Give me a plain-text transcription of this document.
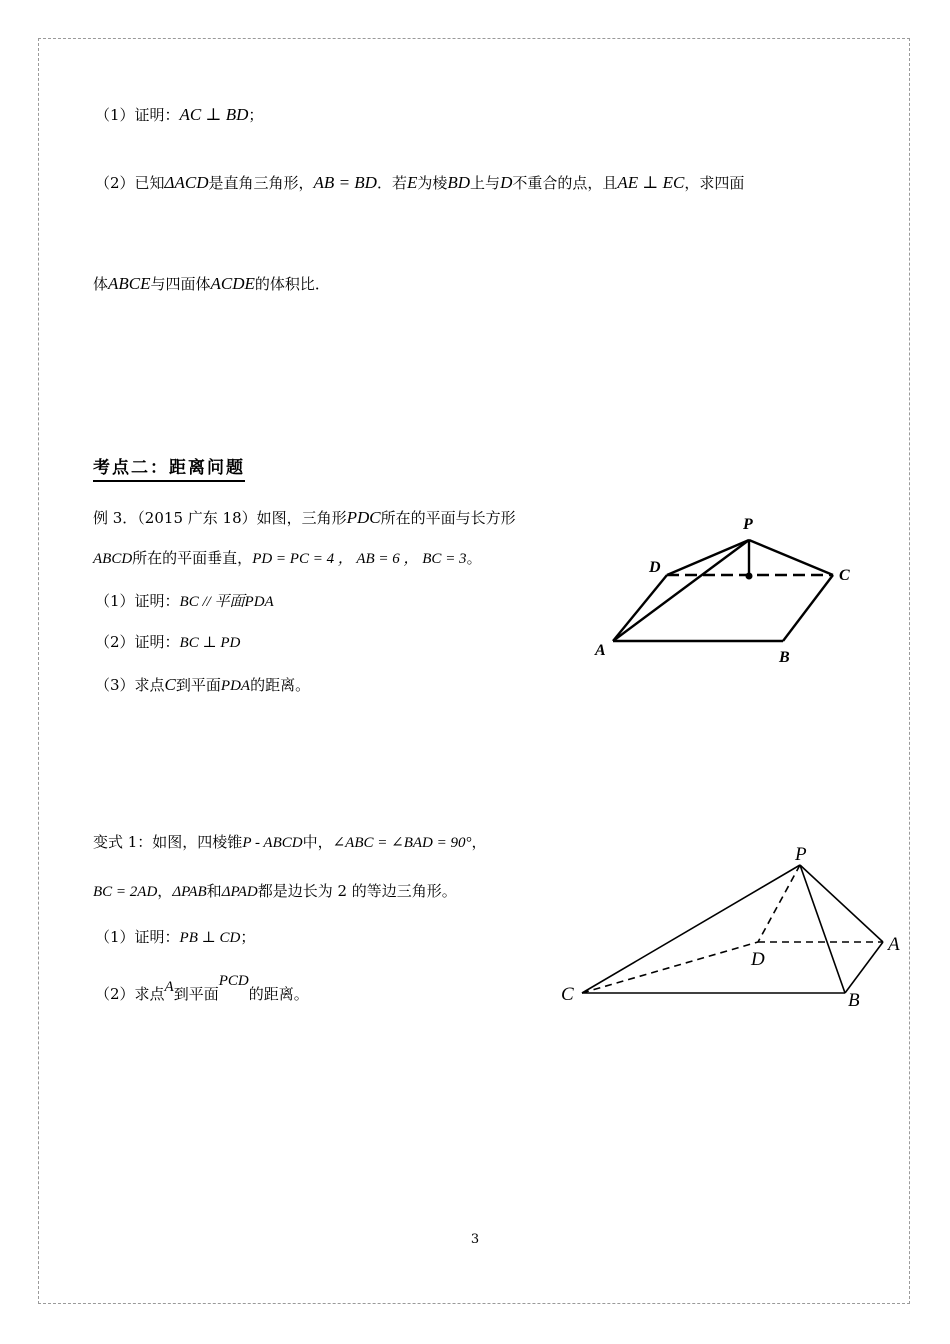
（1）证明：AC ⊥ BD；
（2）已知ΔACD是直角三角形，AB = BD．若E为棱BD上与D不重合的点，且AE ⊥ EC，求四面
体ABCE与四面体ACDE的体积比．
考点二：距离问题
例 3．（2015 广东 18）如图，三角形PDC所在的平面与长方形
ABCD所在的平面垂直，PD = PC = 4 ， AB = 6 ， BC = 3。
（1）证明：BC // 平面PDA
（2）证明：BC ⊥ PD
（3）求点C到平面PDA的距离。
P
D	C
A	B
变式 1：如图，四棱锥P - ABCD中，∠ABC = ∠BAD = 90°，
BC = 2AD，ΔPAB和ΔPAD都是边长为 2 的等边三角形。
（1）证明：PB ⊥ CD；
（2）求点A到平面PCD的距离。
P
A
D
C	B
3
